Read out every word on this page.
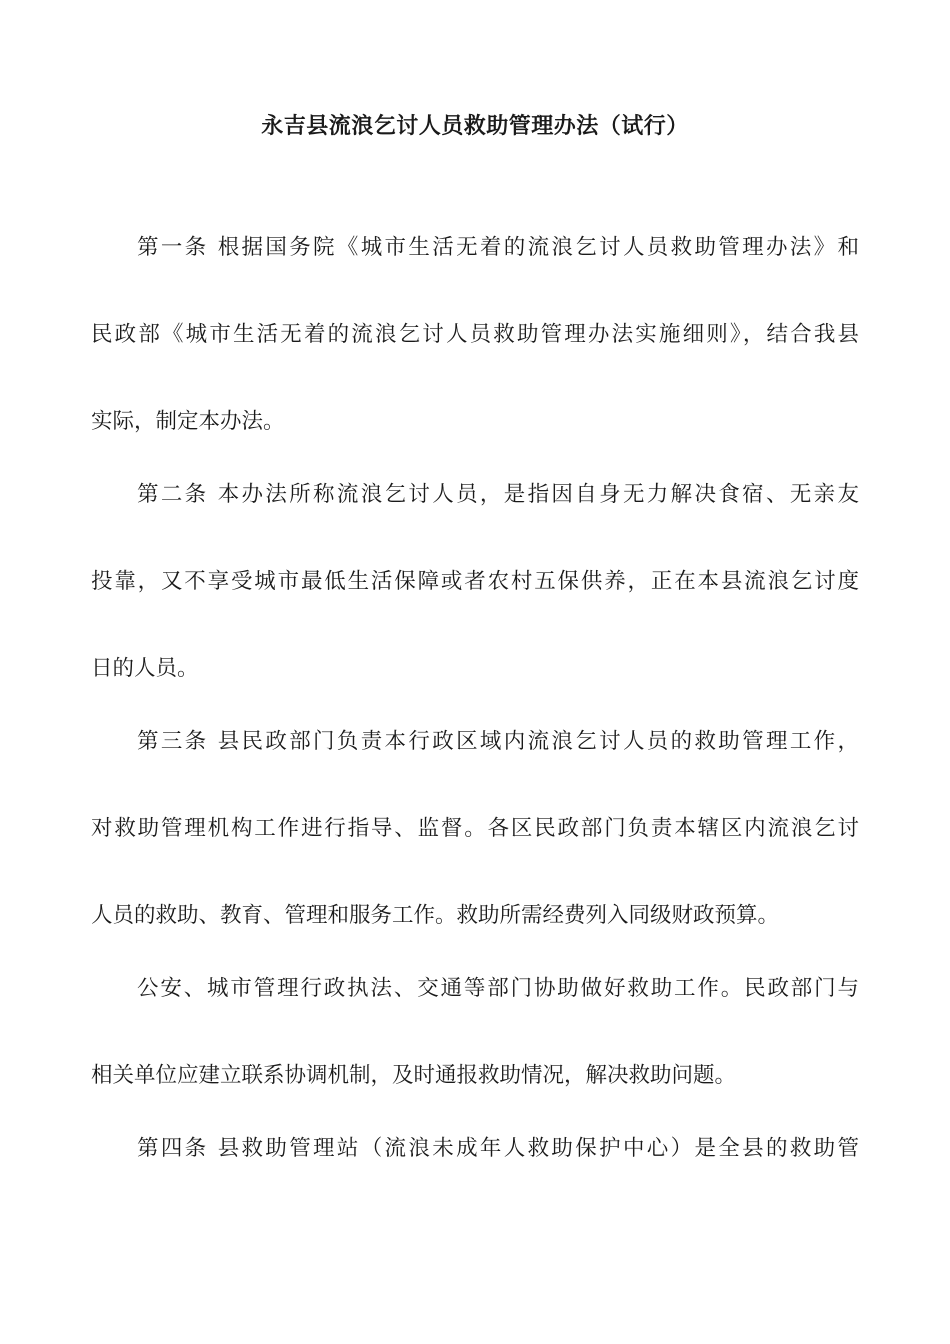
永吉县流浪乞讨人员救助管理办法（试行）
第一条 根据国务院《城市生活无着的流浪乞讨人员救助管理办法》和
民政部《城市生活无着的流浪乞讨人员救助管理办法实施细则》，结合我县
实际，制定本办法。
第二条 本办法所称流浪乞讨人员，是指因自身无力解决食宿、无亲友
投靠，又不享受城市最低生活保障或者农村五保供养，正在本县流浪乞讨度
日的人员。
第三条 县民政部门负责本行政区域内流浪乞讨人员的救助管理工作，
对救助管理机构工作进行指导、监督。各区民政部门负责本辖区内流浪乞讨
人员的救助、教育、管理和服务工作。救助所需经费列入同级财政预算。
公安、城市管理行政执法、交通等部门协助做好救助工作。民政部门与
相关单位应建立联系协调机制，及时通报救助情况，解决救助问题。
第四条 县救助管理站（流浪未成年人救助保护中心）是全县的救助管
